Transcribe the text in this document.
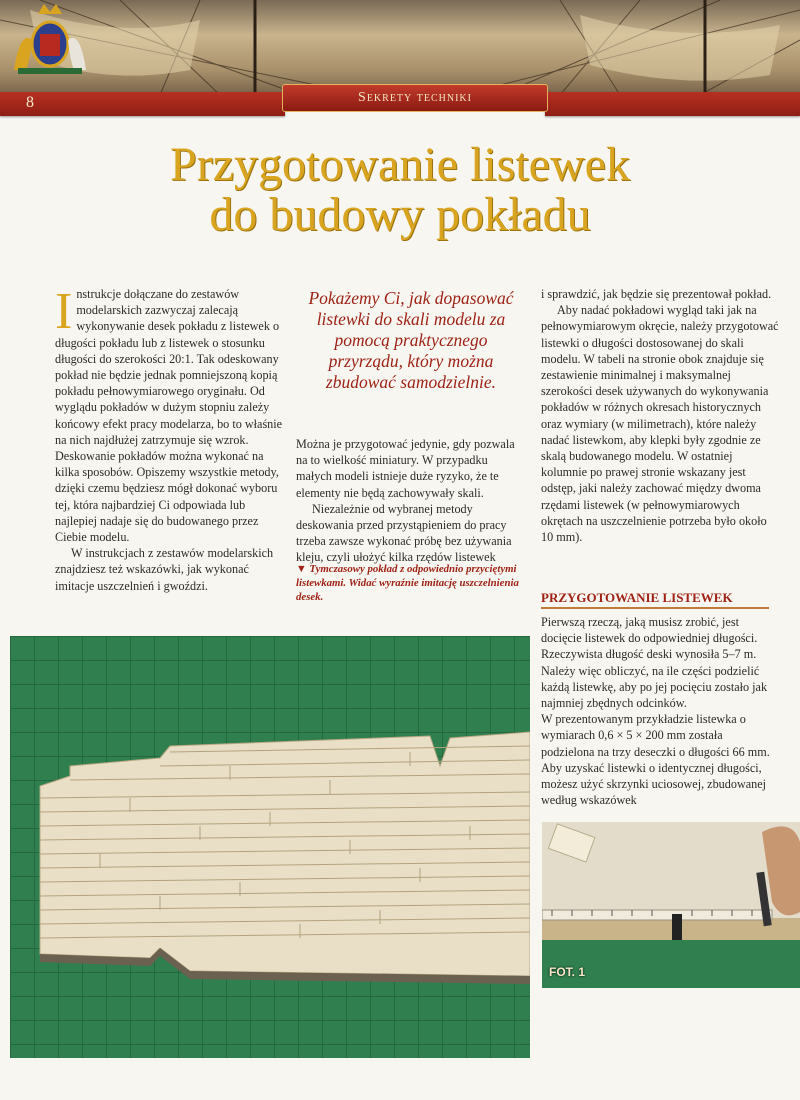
Sekrety techniki
8
Przygotowanie listewek
do budowy pokładu

Instrukcje dołączane do zestawów modelarskich zazwyczaj zalecają wykonywanie desek pokładu z listewek o długości pokładu lub z listewek o stosunku długości do szerokości 20:1. Tak odeskowany pokład nie będzie jednak pomniejszoną kopią pokładu pełnowymiarowego oryginału. Od wyglądu pokładów w dużym stopniu zależy końcowy efekt pracy modelarza, bo to właśnie na nich najdłużej zatrzymuje się wzrok. Deskowanie pokładów można wykonać na kilka sposobów. Opiszemy wszystkie metody, dzięki czemu będziesz mógł dokonać wyboru tej, która najbardziej Ci odpowiada lub najlepiej nadaje się do budowanego przez Ciebie modelu.

W instrukcjach z zestawów modelarskich znajdziesz też wskazówki, jak wykonać imitacje uszczelnień i gwoździ.

Pokażemy Ci, jak dopasować listewki do skali modelu za pomocą praktycznego przyrządu, który można zbudować samodzielnie.

Można je przygotować jedynie, gdy pozwala na to wielkość miniatury. W przypadku małych modeli istnieje duże ryzyko, że te elementy nie będą zachowywały skali.

Niezależnie od wybranej metody deskowania przed przystąpieniem do pracy trzeba zawsze wykonać próbę bez używania kleju, czyli ułożyć kilka rzędów listewek

▼ Tymczasowy pokład z odpowiednio przyciętymi listewkami. Widać wyraźnie imitację uszczelnienia desek.

i sprawdzić, jak będzie się prezentował pokład.

Aby nadać pokładowi wygląd taki jak na pełnowymiarowym okręcie, należy przygotować listewki o długości dostosowanej do skali modelu. W tabeli na stronie obok znajduje się zestawienie minimalnej i maksymalnej szerokości desek używanych do wykonywania pokładów w różnych okresach historycznych oraz wymiary (w milimetrach), które należy nadać listewkom, aby klepki były zgodnie ze skalą budowanego modelu. W ostatniej kolumnie po prawej stronie wskazany jest odstęp, jaki należy zachować między dwoma rzędami listewek (w pełnowymiarowych okrętach na uszczelnienie potrzeba było około 10 mm).

PRZYGOTOWANIE LISTEWEK

Pierwszą rzeczą, jaką musisz zrobić, jest docięcie listewek do odpowiedniej długości. Rzeczywista długość deski wynosiła 5–7 m. Należy więc obliczyć, na ile części podzielić każdą listewkę, aby po jej pocięciu zostało jak najmniej zbędnych odcinków.

W prezentowanym przykładzie listewka o wymiarach 0,6 × 5 × 200 mm została podzielona na trzy deseczki o długości 66 mm. Aby uzyskać listewki o identycznej długości, możesz użyć skrzynki uciosowej, zbudowanej według wskazówek

FOT. 1
